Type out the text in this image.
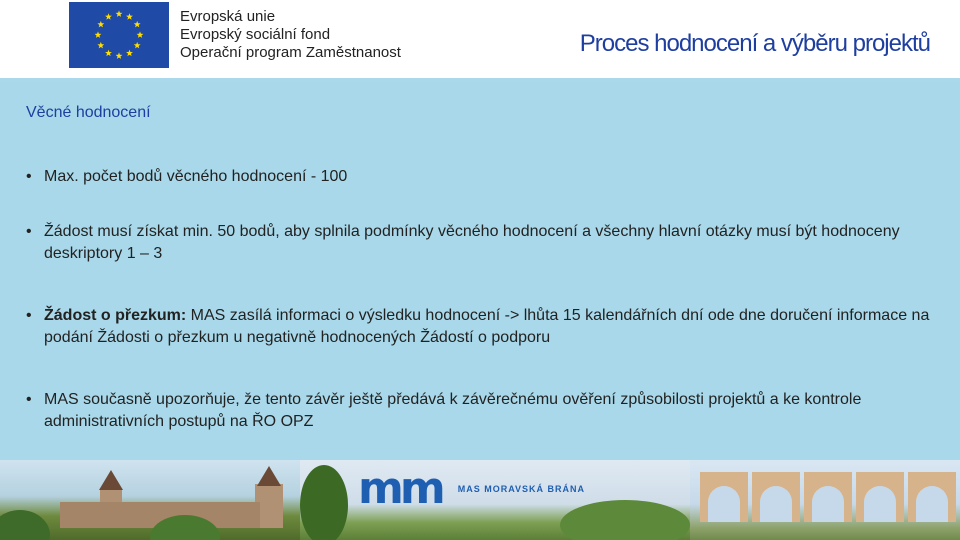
Evropská unie
Evropský sociální fond
Operační program Zaměstnanost	Proces hodnocení a výběru projektů
Věcné hodnocení
• Max. počet bodů věcného hodnocení - 100
• Žádost musí získat min. 50 bodů, aby splnila podmínky věcného hodnocení a všechny hlavní otázky musí být hodnoceny deskriptory 1 – 3
• Žádost o přezkum: MAS zasílá informaci o výsledku hodnocení -> lhůta 15 kalendářních dní ode dne doručení informace na podání Žádosti o přezkum u negativně hodnocených Žádostí o podporu
• MAS současně upozorňuje, že tento závěr ještě předává k závěrečnému ověření způsobilosti projektů a ke kontrole administrativních postupů na ŘO OPZ
m m MAS MORAVSKÁ BRÁNA
